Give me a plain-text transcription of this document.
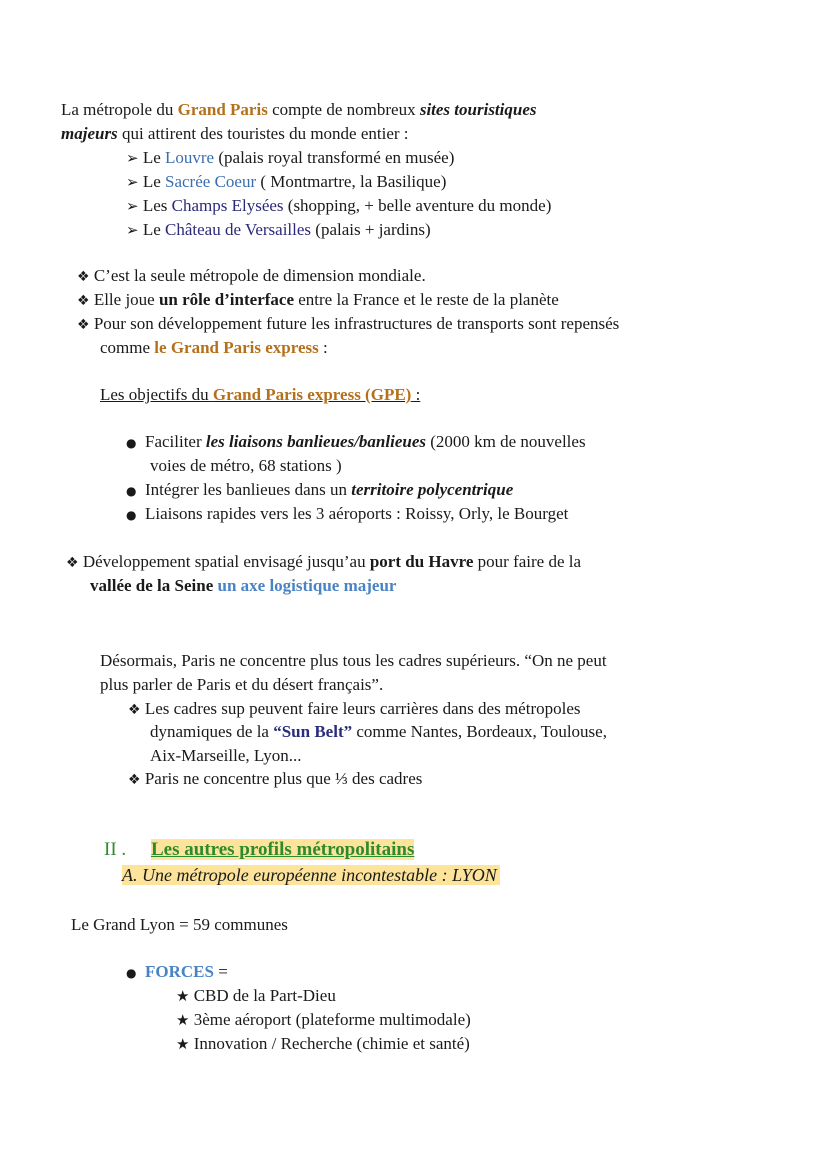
La métropole du Grand Paris compte de nombreux sites touristiques
majeurs qui attirent des touristes du monde entier :
➢ Le Louvre (palais royal transformé en musée)
➢ Le Sacrée Coeur ( Montmartre, la Basilique)
➢ Les Champs Elysées (shopping, + belle aventure du monde)
➢ Le Château de Versailles (palais + jardins)
❖ C’est la seule métropole de dimension mondiale.
❖ Elle joue un rôle d’interface entre la France et le reste de la planète
❖ Pour son développement future les infrastructures de transports sont repensés
comme le Grand Paris express :
Les objectifs du Grand Paris express (GPE) :
● Faciliter les liaisons banlieues/banlieues (2000 km de nouvelles
voies de métro, 68 stations )
● Intégrer les banlieues dans un territoire polycentrique
● Liaisons rapides vers les 3 aéroports : Roissy, Orly, le Bourget
❖ Développement spatial envisagé jusqu’au port du Havre pour faire de la
vallée de la Seine un axe logistique majeur
Désormais, Paris ne concentre plus tous les cadres supérieurs. “On ne peut
plus parler de Paris et du désert français”.
❖ Les cadres sup peuvent faire leurs carrières dans des métropoles
dynamiques de la “Sun Belt” comme Nantes, Bordeaux, Toulouse,
Aix-Marseille, Lyon...
❖ Paris ne concentre plus que ⅓ des cadres
II . Les autres profils métropolitains
A. Une métropole européenne incontestable : LYON
Le Grand Lyon = 59 communes
● FORCES =
★ CBD de la Part-Dieu
★ 3ème aéroport (plateforme multimodale)
★ Innovation / Recherche (chimie et santé)
